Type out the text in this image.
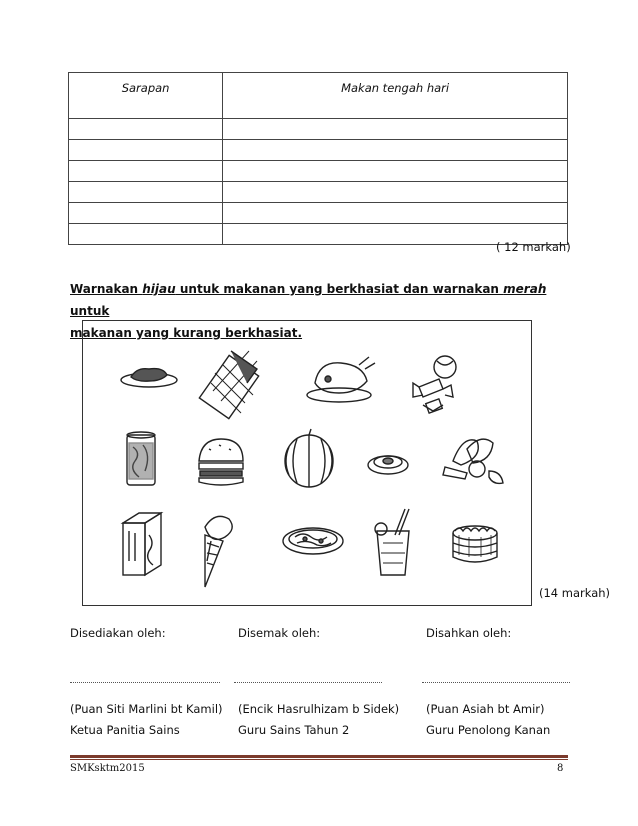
Sarapan	Makan tengah hari

( 12 markah)
Warnakan hijau untuk makanan yang berkhasiat dan warnakan merah untuk
makanan yang kurang berkhasiat.
(14 markah)
Disediakan oleh:	Disemak oleh:	Disahkan oleh:
(Puan Siti Marlini bt Kamil) (Encik Hasrulhizam b Sidek) (Puan Asiah bt Amir)
Ketua Panitia Sains	Guru Sains Tahun 2	Guru Penolong Kanan
SMKsktm2015	8
